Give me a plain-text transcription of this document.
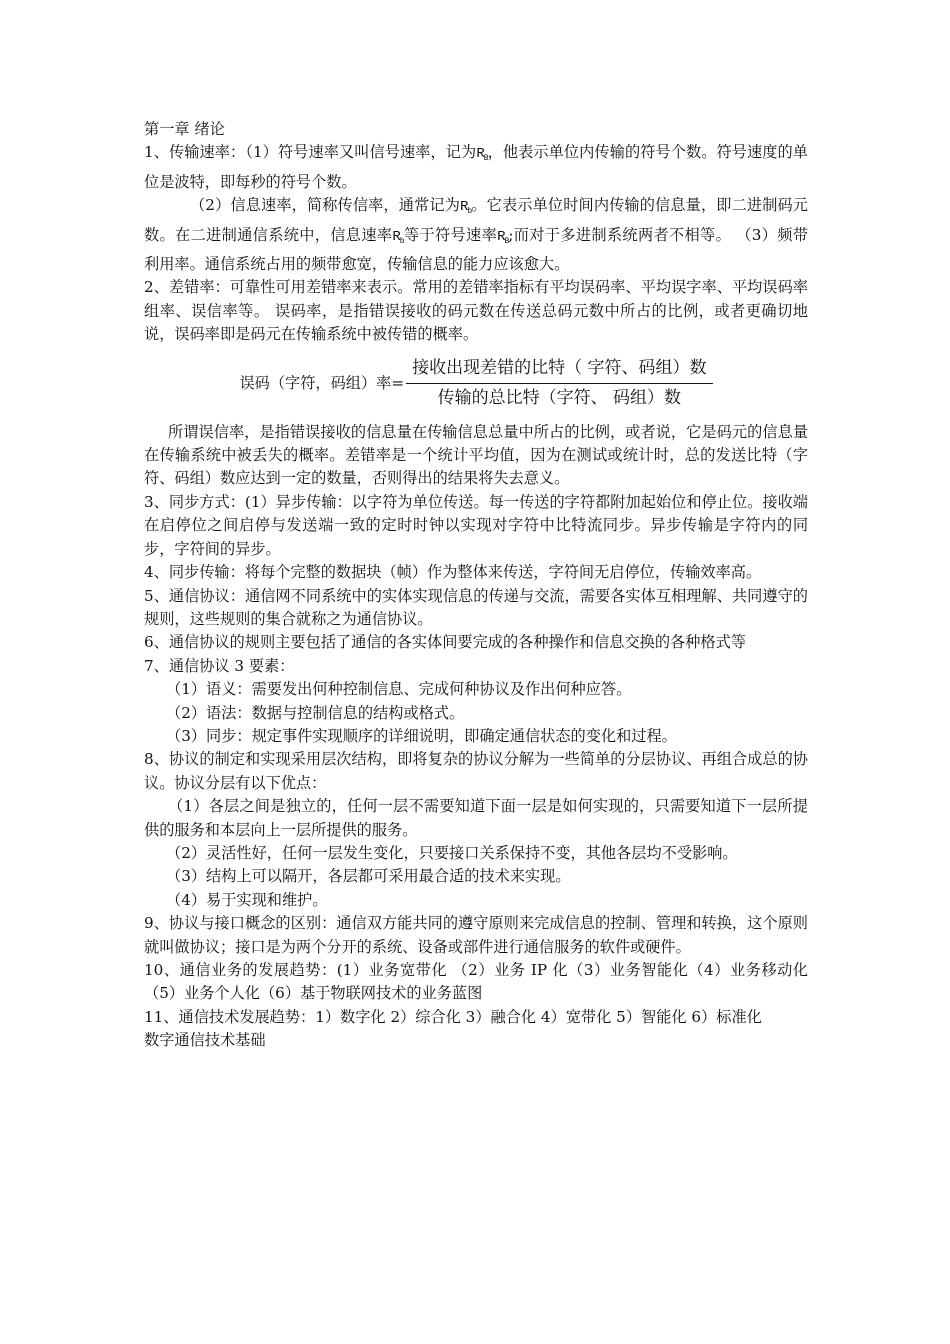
第一章 绪论

1、传输速率：（1）符号速率又叫信号速率，记为$R_B$，他表示单位内传输的符号个数。符号速度的单位是波特，即每秒的符号个数。

（2）信息速率，简称传信率，通常记为$R_b$。它表示单位时间内传输的信息量，即二进制码元数。在二进制通信系统中，信息速率$R_b$等于符号速率$R_B$;而对于多进制系统两者不相等。 （3）频带利用率。通信系统占用的频带愈宽，传输信息的能力应该愈大。

2、差错率：可靠性可用差错率来表示。常用的差错率指标有平均误码率、平均误字率、平均误码率组率、误信率等。 误码率，是指错误接收的码元数在传送总码元数中所占的比例，或者更确切地说，误码率即是码元在传输系统中被传错的概率。

误码（字符，码组）率= $\frac{\text{接收出现差错的比特（ 字符、码组）数}}{\text{传输的总比特（字符、 码组）数}}$

所谓误信率，是指错误接收的信息量在传输信息总量中所占的比例，或者说，它是码元的信息量在传输系统中被丢失的概率。差错率是一个统计平均值，因为在测试或统计时，总的发送比特（字符、码组）数应达到一定的数量，否则得出的结果将失去意义。

3、同步方式：(1）异步传输：以字符为单位传送。每一传送的字符都附加起始位和停止位。接收端在启停位之间启停与发送端一致的定时时钟以实现对字符中比特流同步。异步传输是字符内的同步，字符间的异步。

4、同步传输：将每个完整的数据块（帧）作为整体来传送，字符间无启停位，传输效率高。

5、通信协议：通信网不同系统中的实体实现信息的传递与交流，需要各实体互相理解、共同遵守的规则，这些规则的集合就称之为通信协议。

6、通信协议的规则主要包括了通信的各实体间要完成的各种操作和信息交换的各种格式等

7、通信协议 3 要素：

（1）语义：需要发出何种控制信息、完成何种协议及作出何种应答。

（2）语法：数据与控制信息的结构或格式。

（3）同步：规定事件实现顺序的详细说明，即确定通信状态的变化和过程。

8、协议的制定和实现采用层次结构，即将复杂的协议分解为一些简单的分层协议、再组合成总的协议。协议分层有以下优点：

（1）各层之间是独立的，任何一层不需要知道下面一层是如何实现的，只需要知道下一层所提供的服务和本层向上一层所提供的服务。

（2）灵活性好，任何一层发生变化，只要接口关系保持不变，其他各层均不受影响。

（3）结构上可以隔开，各层都可采用最合适的技术来实现。

（4）易于实现和维护。

9、协议与接口概念的区别：通信双方能共同的遵守原则来完成信息的控制、管理和转换，这个原则就叫做协议；接口是为两个分开的系统、设备或部件进行通信服务的软件或硬件。

10、通信业务的发展趋势：(1）业务宽带化 （2）业务 IP 化（3）业务智能化（4）业务移动化（5）业务个人化（6）基于物联网技术的业务蓝图

11、通信技术发展趋势：1）数字化 2）综合化 3）融合化 4）宽带化 5）智能化 6）标准化

数字通信技术基础
